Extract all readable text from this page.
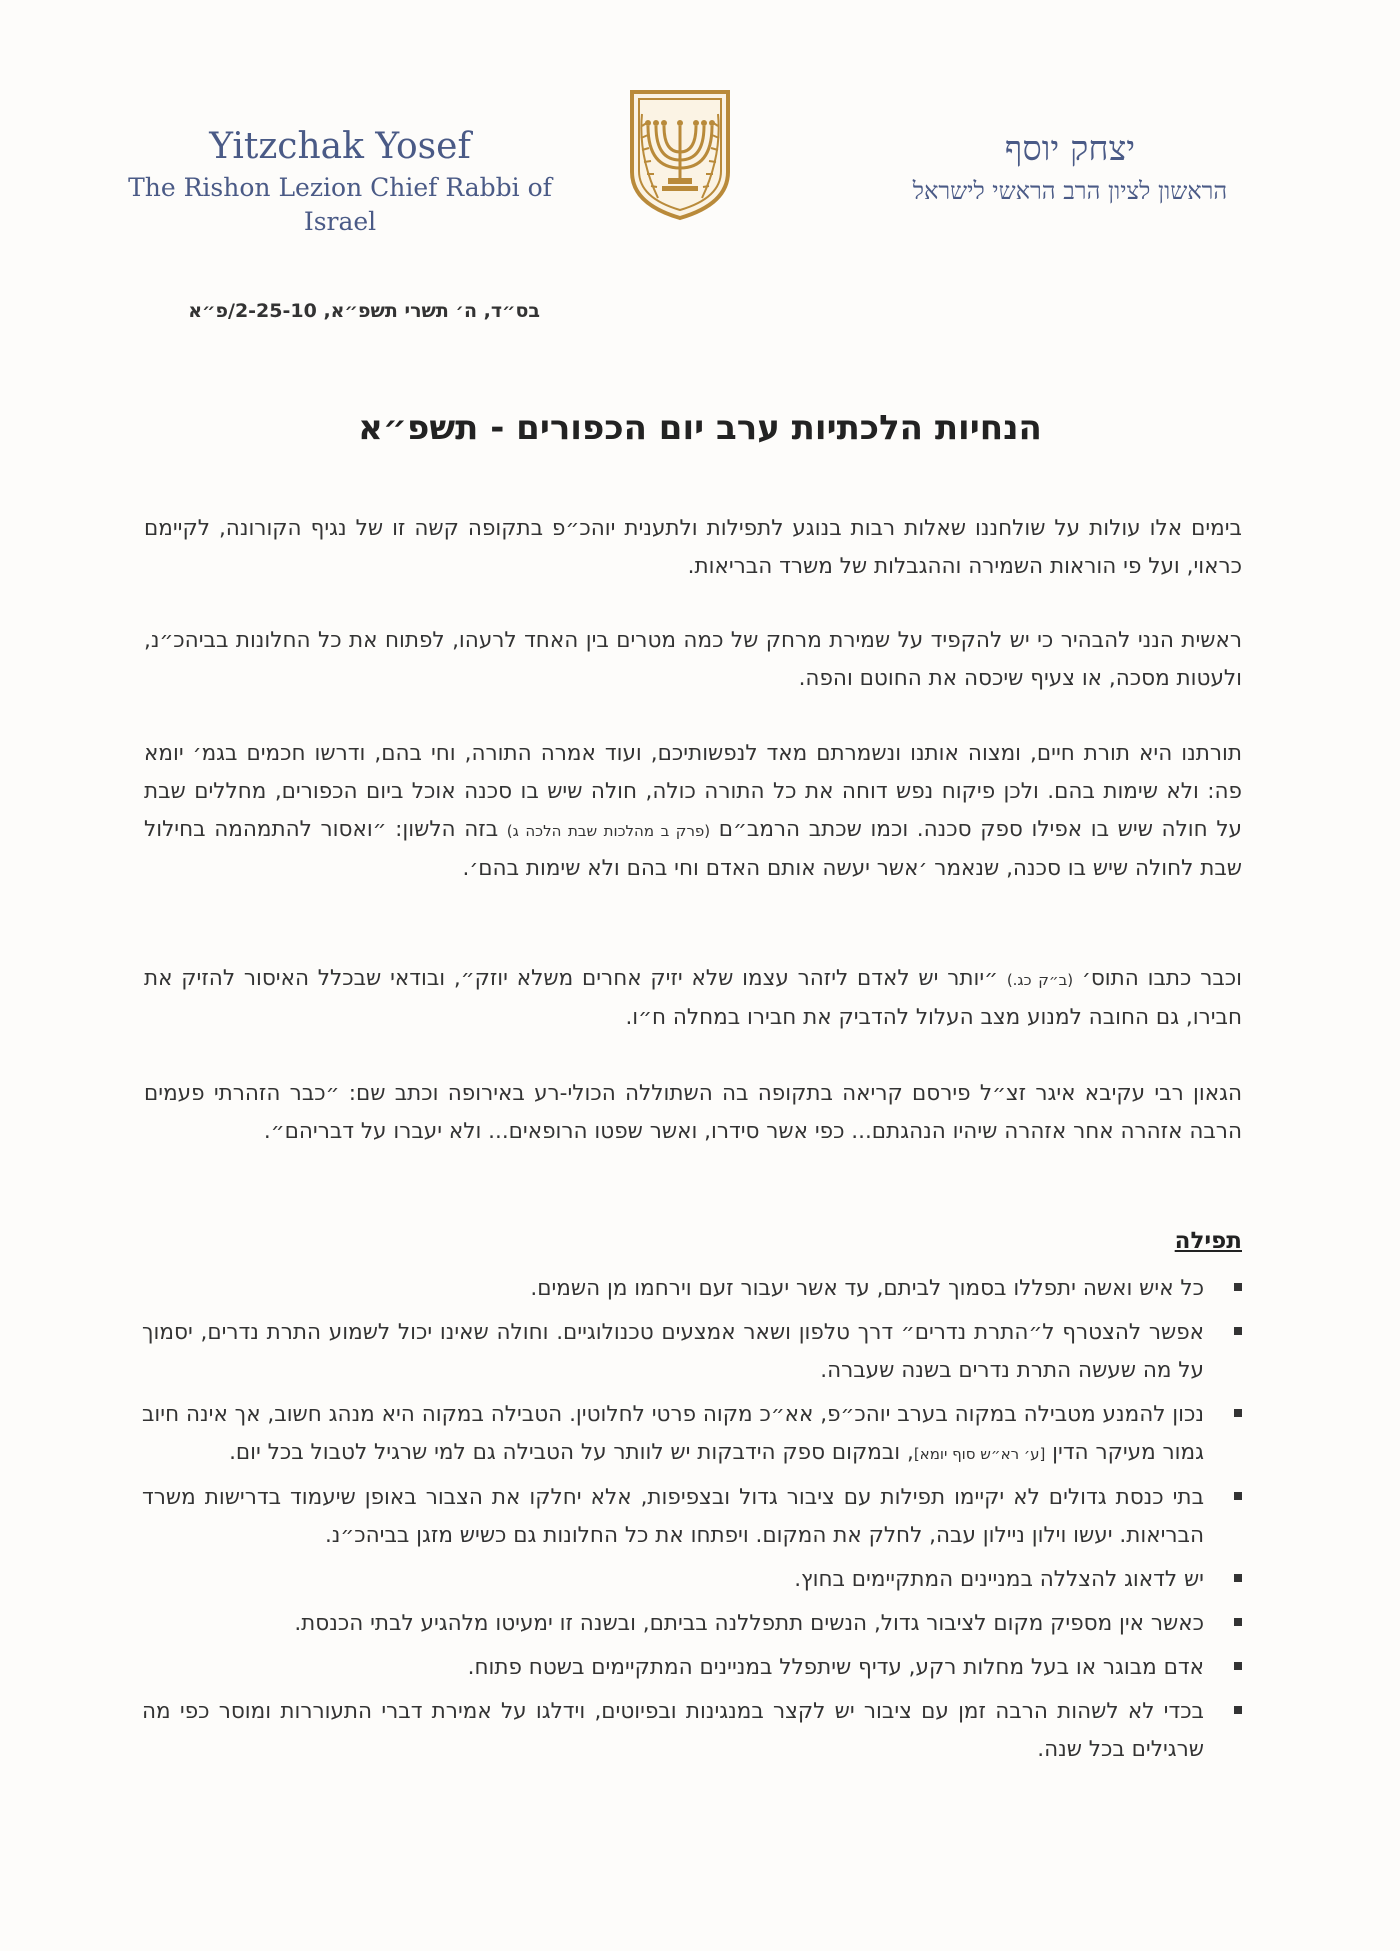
Yitzchak Yosef
The Rishon Lezion Chief Rabbi of Israel
יצחק יוסף
הראשון לציון הרב הראשי לישראל
בס״ד, ה׳ תשרי תשפ״א, 2-25-10/פ״א
הנחיות הלכתיות ערב יום הכפורים - תשפ״א
בימים אלו עולות על שולחננו שאלות רבות בנוגע לתפילות ולתענית יוהכ״פ בתקופה קשה זו של נגיף הקורונה, לקיימם כראוי, ועל פי הוראות השמירה וההגבלות של משרד הבריאות.
ראשית הנני להבהיר כי יש להקפיד על שמירת מרחק של כמה מטרים בין האחד לרעהו, לפתוח את כל החלונות בביהכ״נ, ולעטות מסכה, או צעיף שיכסה את החוטם והפה.
תורתנו היא תורת חיים, ומצוה אותנו ונשמרתם מאד לנפשותיכם, ועוד אמרה התורה, וחי בהם, ודרשו חכמים בגמ׳ יומא פה: ולא שימות בהם. ולכן פיקוח נפש דוחה את כל התורה כולה, חולה שיש בו סכנה אוכל ביום הכפורים, מחללים שבת על חולה שיש בו אפילו ספק סכנה. וכמו שכתב הרמב״ם (פרק ב מהלכות שבת הלכה ג) בזה הלשון: ״ואסור להתמהמה בחילול שבת לחולה שיש בו סכנה, שנאמר ׳אשר יעשה אותם האדם וחי בהם ולא שימות בהם׳.
וכבר כתבו התוס׳ (ב״ק כג.) ״יותר יש לאדם ליזהר עצמו שלא יזיק אחרים משלא יוזק״, ובודאי שבכלל האיסור להזיק את חבירו, גם החובה למנוע מצב העלול להדביק את חבירו במחלה ח״ו.
הגאון רבי עקיבא איגר זצ״ל פירסם קריאה בתקופה בה השתוללה הכולי-רע באירופה וכתב שם: ״כבר הזהרתי פעמים הרבה אזהרה אחר אזהרה שיהיו הנהגתם... כפי אשר סידרו, ואשר שפטו הרופאים... ולא יעברו על דבריהם״.
תפילה
כל איש ואשה יתפללו בסמוך לביתם, עד אשר יעבור זעם וירחמו מן השמים.
אפשר להצטרף ל״התרת נדרים״ דרך טלפון ושאר אמצעים טכנולוגיים. וחולה שאינו יכול לשמוע התרת נדרים, יסמוך על מה שעשה התרת נדרים בשנה שעברה.
נכון להמנע מטבילה במקוה בערב יוהכ״פ, אא״כ מקוה פרטי לחלוטין. הטבילה במקוה היא מנהג חשוב, אך אינה חיוב גמור מעיקר הדין [ע׳ רא״ש סוף יומא], ובמקום ספק הידבקות יש לוותר על הטבילה גם למי שרגיל לטבול בכל יום.
בתי כנסת גדולים לא יקיימו תפילות עם ציבור גדול ובצפיפות, אלא יחלקו את הצבור באופן שיעמוד בדרישות משרד הבריאות. יעשו וילון ניילון עבה, לחלק את המקום. ויפתחו את כל החלונות גם כשיש מזגן בביהכ״נ.
יש לדאוג להצללה במניינים המתקיימים בחוץ.
כאשר אין מספיק מקום לציבור גדול, הנשים תתפללנה בביתם, ובשנה זו ימעיטו מלהגיע לבתי הכנסת.
אדם מבוגר או בעל מחלות רקע, עדיף שיתפלל במניינים המתקיימים בשטח פתוח.
בכדי לא לשהות הרבה זמן עם ציבור יש לקצר במנגינות ובפיוטים, וידלגו על אמירת דברי התעוררות ומוסר כפי מה שרגילים בכל שנה.
